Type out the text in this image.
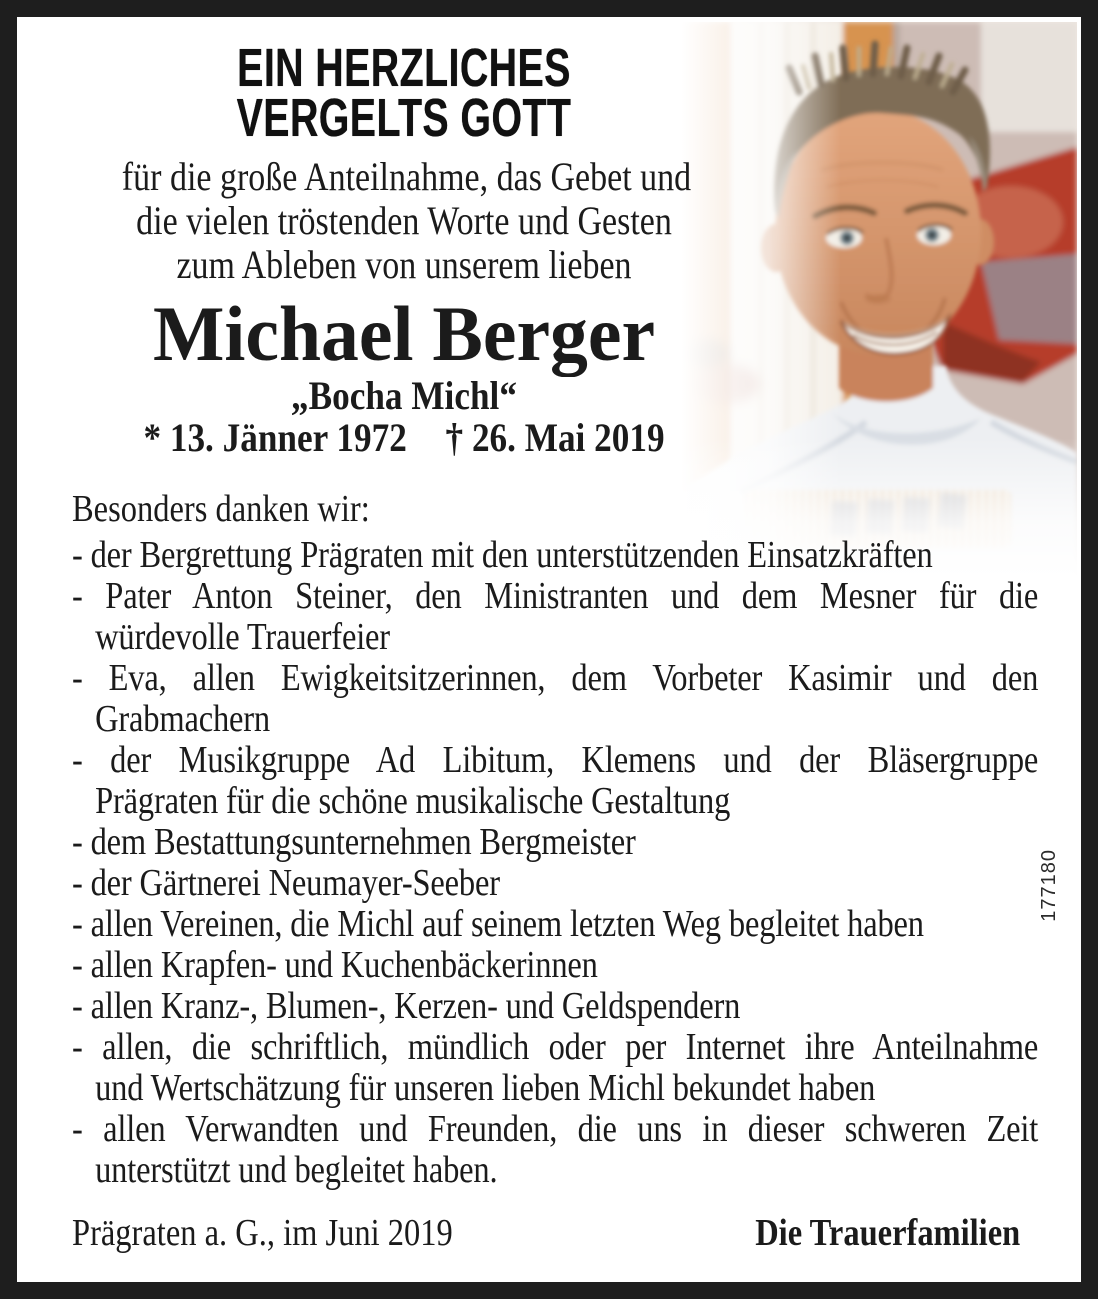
177180
EIN HERZLICHES
VERGELTS GOTT
für die große Anteilnahme, das Gebet und
die vielen tröstenden Worte und Gesten
zum Ableben von unserem lieben
Michael Berger
„Bocha Michl“
* 13. Jänner 1972 † 26. Mai 2019
Besonders danken wir:
- der Bergrettung Prägraten mit den unterstützenden Einsatzkräften
- Pater Anton Steiner, den Ministranten und dem Mesner für die
würdevolle Trauerfeier
- Eva, allen Ewigkeitsitzerinnen, dem Vorbeter Kasimir und den
Grabmachern
- der Musikgruppe Ad Libitum, Klemens und der Bläsergruppe
Prägraten für die schöne musikalische Gestaltung
- dem Bestattungsunternehmen Bergmeister
- der Gärtnerei Neumayer-Seeber
- allen Vereinen, die Michl auf seinem letzten Weg begleitet haben
- allen Krapfen- und Kuchenbäckerinnen
- allen Kranz-, Blumen-, Kerzen- und Geldspendern
- allen, die schriftlich, mündlich oder per Internet ihre Anteilnahme
und Wertschätzung für unseren lieben Michl bekundet haben
- allen Verwandten und Freunden, die uns in dieser schweren Zeit
unterstützt und begleitet haben.
Prägraten a. G., im Juni 2019	Die Trauerfamilien
